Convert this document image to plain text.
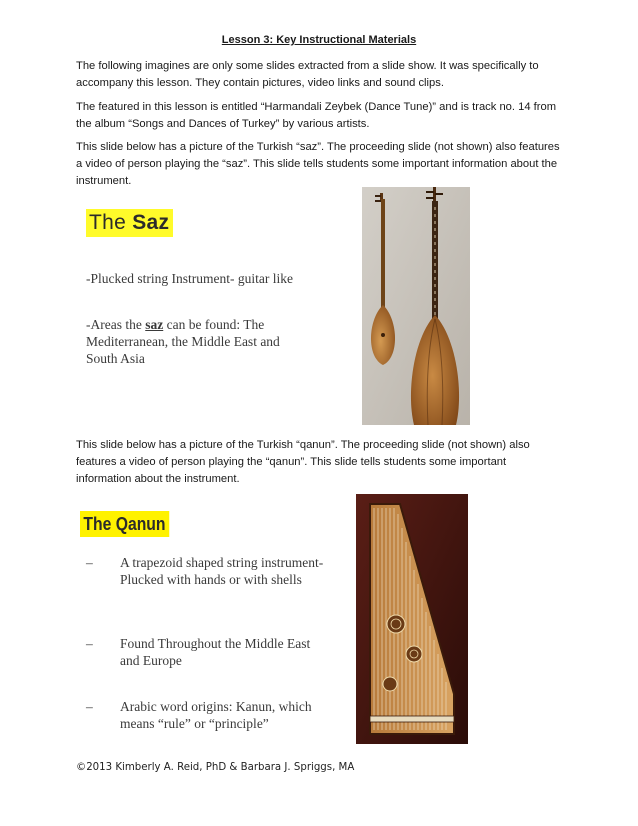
Lesson 3: Key Instructional Materials

The following imagines are only some slides extracted from a slide show. It was specifically to accompany this lesson. They contain pictures, video links and sound clips.

The featured in this lesson is entitled “Harmandali Zeybek (Dance Tune)” and is track no. 14 from the album “Songs and Dances of Turkey” by various artists.

This slide below has a picture of the Turkish “saz”. The proceeding slide (not shown) also features a video of person playing the “saz”. This slide tells students some important information about the instrument.

The Saz

-Plucked string Instrument- guitar like

-Areas the saz can be found: The Mediterranean, the Middle East and South Asia

This slide below has a picture of the Turkish “qanun”. The proceeding slide (not shown) also features a video of person playing the “qanun”. This slide tells students some important information about the instrument.

The Qanun
–	A trapezoid shaped string instrument- Plucked with hands or with shells
–	Found Throughout the Middle East and Europe
–	Arabic word origins: Kanun, which means “rule” or “principle”
©2013 Kimberly A. Reid, PhD & Barbara J. Spriggs, MA
